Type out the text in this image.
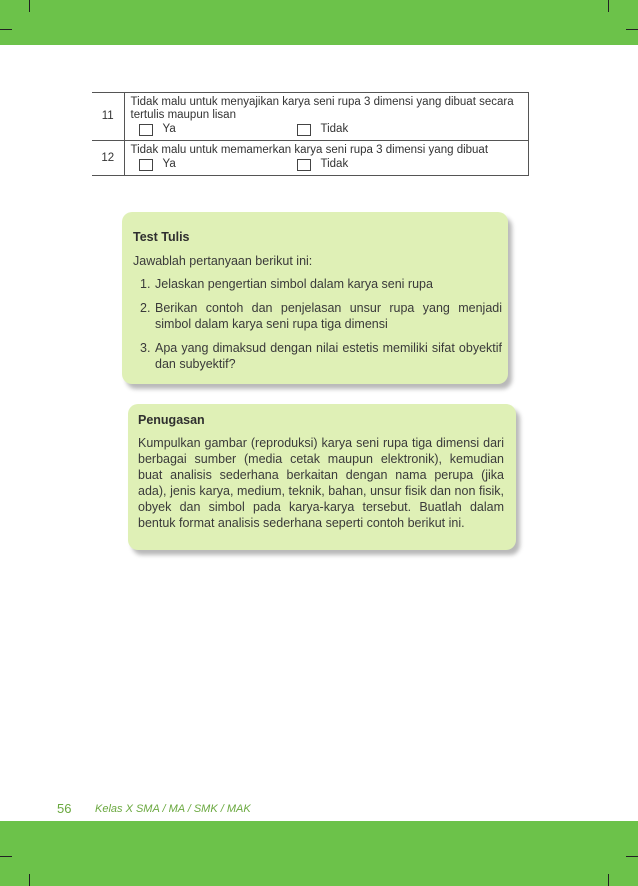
11	Tidak malu untuk menyajikan karya seni rupa 3 dimensi yang dibuat secara tertulis maupun lisan
Ya Tidak

12	Tidak malu untuk memamerkan karya seni rupa 3 dimensi yang dibuat
Ya Tidak
Test Tulis
Jawablah pertanyaan berikut ini:
1. Jelaskan pengertian simbol dalam karya seni rupa
2. Berikan contoh dan penjelasan unsur rupa yang menjadi simbol dalam karya seni rupa tiga dimensi
3. Apa yang dimaksud dengan nilai estetis memiliki sifat obyektif dan subyektif?
Penugasan
Kumpulkan gambar (reproduksi) karya seni rupa tiga dimensi dari berbagai sumber (media cetak maupun elektronik), kemudian buat analisis sederhana berkaitan dengan nama perupa (jika ada), jenis karya, medium, teknik, bahan, unsur fisik dan non fisik, obyek dan simbol pada karya-karya tersebut. Buatlah dalam bentuk format analisis sederhana seperti contoh berikut ini.
56 Kelas X SMA / MA / SMK / MAK
